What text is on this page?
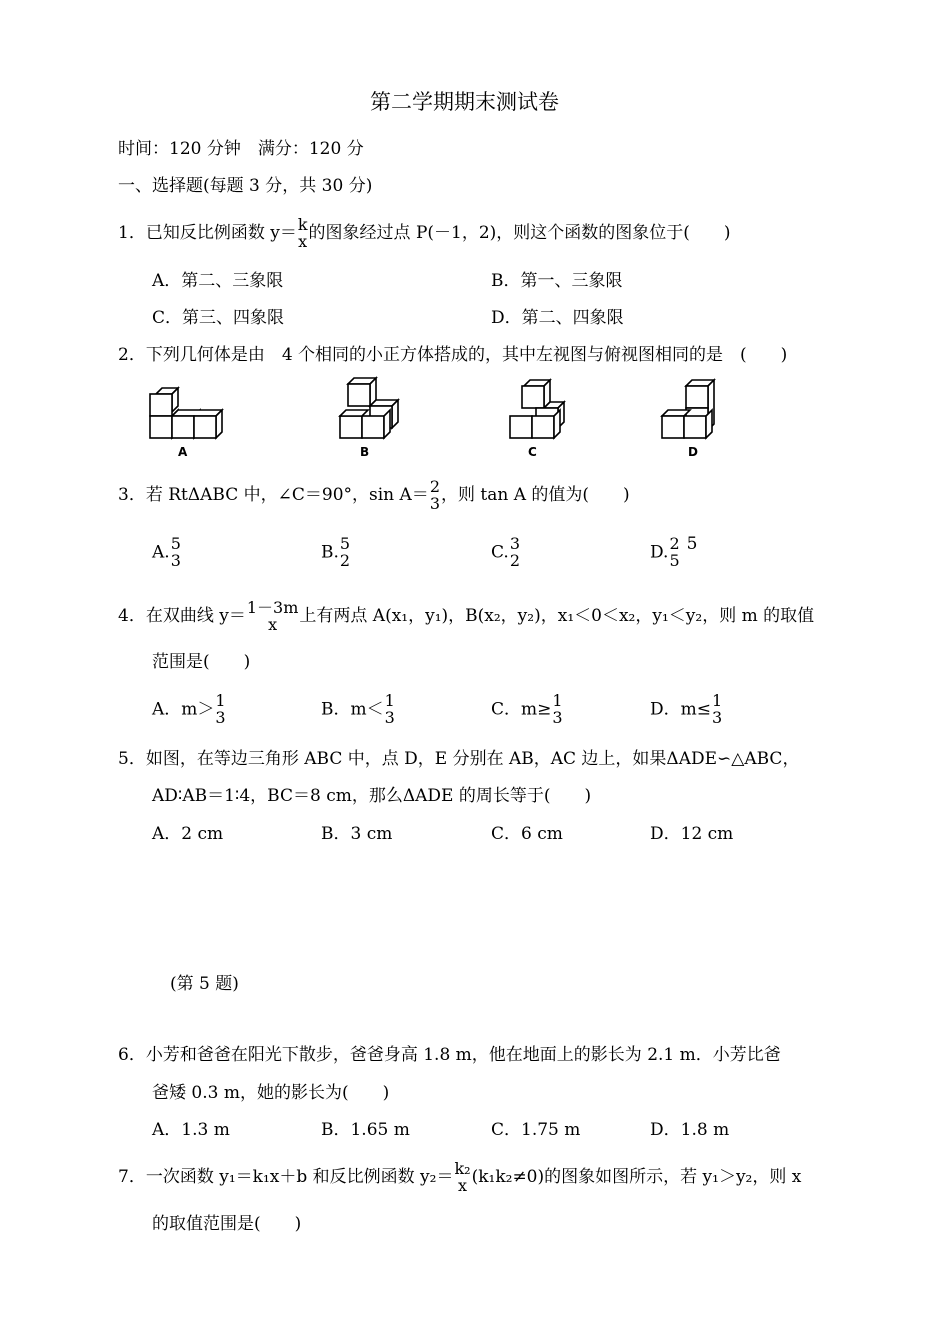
第二学期期末测试卷
时间：120 分钟　满分：120 分
一、选择题(每题 3 分，共 30 分)
1．已知反比例函数 y＝ k
x 的图象经过点 P(－1，2)，则这个函数的图象位于(　　)
A．第二、三象限	B．第一、三象限
C．第三、四象限	D．第二、四象限
2．下列几何体是由　4 个相同的小正方体搭成的，其中左视图与俯视图相同的是　(　　)
A	B	C	D
3．若 RtΔABC 中，∠C＝90°，sin A＝ 2
3 ，则 tan A 的值为(　　)
A. 5
3	B. 5
2	C. 3
2	D. 2
5
5
4．在双曲线 y＝ 1－3m
x	上有两点 A(x₁，y₁)，B(x₂，y₂)，x₁＜0＜x₂，y₁＜y₂，则 m 的取值
范围是(　　)
A．m＞ 1
3	B．m＜ 1
3	C．m≥ 1
3	D．m≤ 1
3
5．如图，在等边三角形 ABC 中，点 D，E 分别在 AB，AC 边上，如果ΔADE∽△ABC，
AD∶AB＝1∶4，BC＝8 cm，那么ΔADE 的周长等于(　　)
A．2 cm	B．3 cm	C．6 cm	D．12 cm
(第 5 题)
6．小芳和爸爸在阳光下散步，爸爸身高 1.8 m，他在地面上的影长为 2.1 m．小芳比爸
爸矮 0.3 m，她的影长为(　　)
A．1.3 m	B．1.65 m	C．1.75 m	D．1.8 m
7．一次函数 y₁＝k₁x＋b 和反比例函数 y₂＝ k₂
x (k₁k₂≠0)的图象如图所示，若 y₁＞y₂，则 x
的取值范围是(　　)
